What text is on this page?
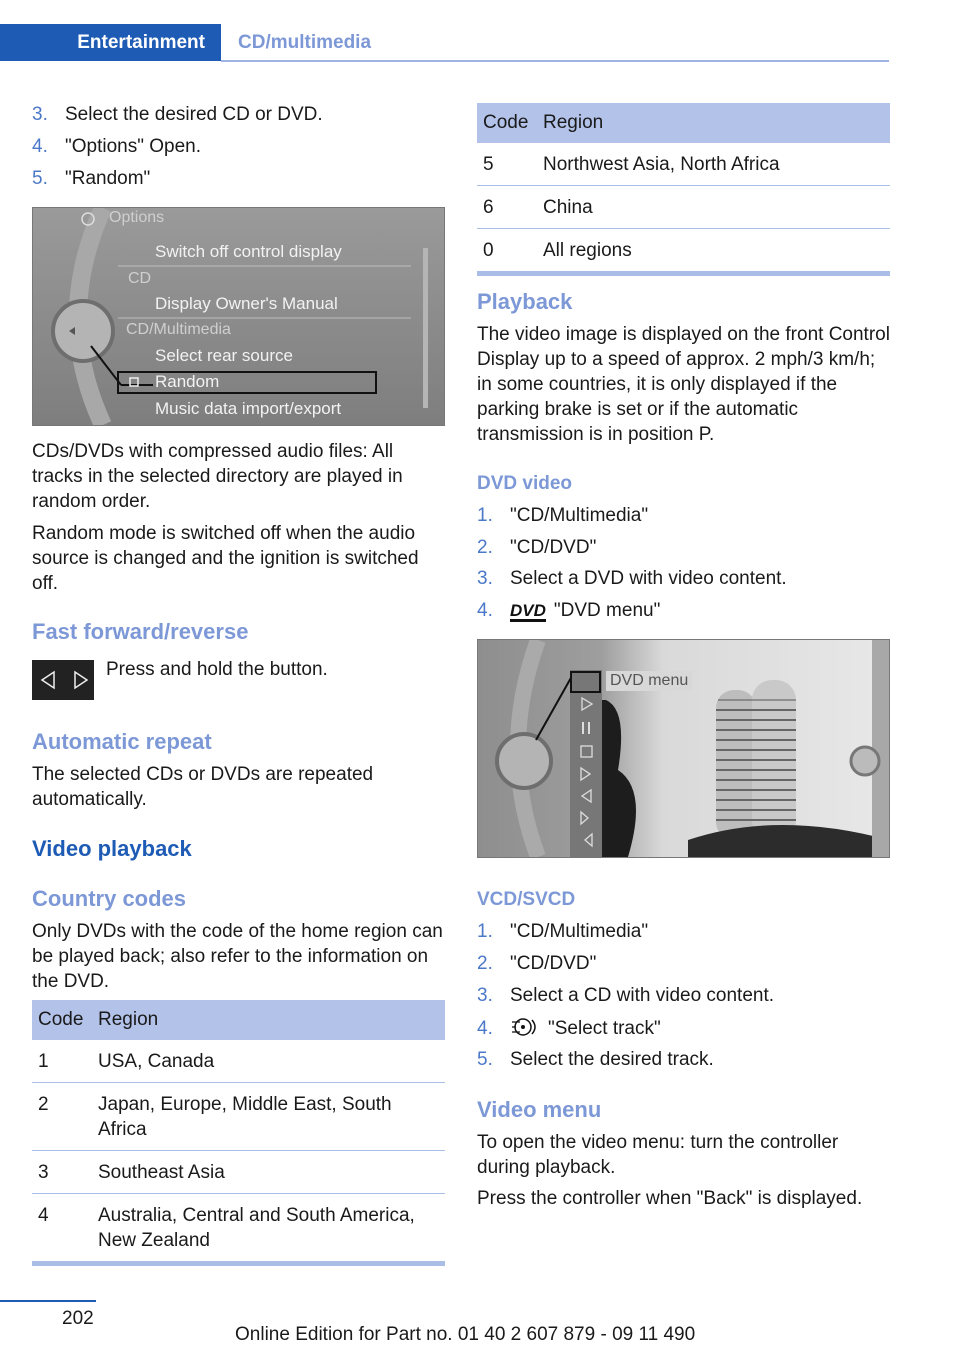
Entertainment CD/multimedia
3. Select the desired CD or DVD.
4. "Options" Open.
5. "Random"
Options
Switch off control display
CD
Display Owner's Manual
CD/Multimedia
Select rear source
Random
Music data import/export
CDs/DVDs with compressed audio files: All tracks in the selected directory are played in random order.
Random mode is switched off when the audio source is changed and the ignition is switched off.
Fast forward/reverse
Press and hold the button.
Automatic repeat
The selected CDs or DVDs are repeated automatically.
Video playback
Country codes
Only DVDs with the code of the home region can be played back; also refer to the information on the DVD.
Code	Region
1	USA, Canada
2	Japan, Europe, Middle East, South Africa
3	Southeast Asia
4	Australia, Central and South America, New Zealand
Code	Region
5	Northwest Asia, North Africa
6	China
0	All regions
Playback
The video image is displayed on the front Control Display up to a speed of approx. 2 mph/3 km/h; in some countries, it is only displayed if the parking brake is set or if the automatic transmission is in position P.
DVD video
1. "CD/Multimedia"
2. "CD/DVD"
3. Select a DVD with video content.
4. DVD "DVD menu"
DVD menu
VCD/SVCD
1. "CD/Multimedia"
2. "CD/DVD"
3. Select a CD with video content.
4.	"Select track"
5. Select the desired track.
Video menu
To open the video menu: turn the controller during playback.
Press the controller when "Back" is displayed.
202
Online Edition for Part no. 01 40 2 607 879 - 09 11 490
